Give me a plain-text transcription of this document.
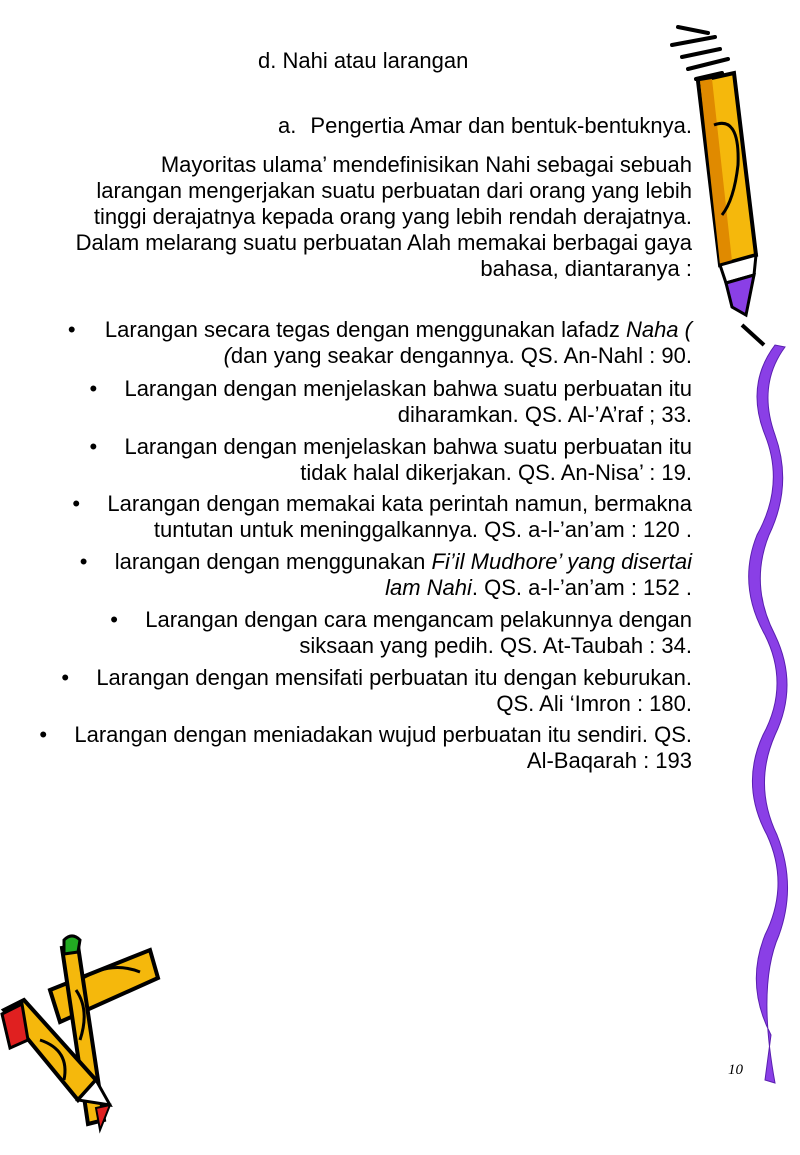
d. Nahi atau larangan
a. Pengertia Amar dan bentuk-bentuknya.
Mayoritas ulama’ mendefinisikan Nahi sebagai sebuah
larangan mengerjakan suatu perbuatan dari orang yang lebih
tinggi derajatnya kepada orang yang lebih rendah derajatnya.
Dalam melarang suatu perbuatan Alah memakai berbagai gaya
bahasa, diantaranya :
• Larangan secara tegas dengan menggunakan lafadz Naha (
(dan yang seakar dengannya. QS. An-Nahl : 90.
• Larangan dengan menjelaskan bahwa suatu perbuatan itu
diharamkan. QS. Al-’A’raf ; 33.
• Larangan dengan menjelaskan bahwa suatu perbuatan itu
tidak halal dikerjakan. QS. An-Nisa’ : 19.
• Larangan dengan memakai kata perintah namun, bermakna
tuntutan untuk meninggalkannya. QS. a-l-’an’am : 120 .
• larangan dengan menggunakan Fi’il Mudhore’ yang disertai
lam Nahi. QS. a-l-’an’am : 152 .
• Larangan dengan cara mengancam pelakunnya dengan
siksaan yang pedih. QS. At-Taubah : 34.
• Larangan dengan mensifati perbuatan itu dengan keburukan.
QS. Ali ‘Imron : 180.
• Larangan dengan meniadakan wujud perbuatan itu sendiri. QS.
Al-Baqarah : 193
10
